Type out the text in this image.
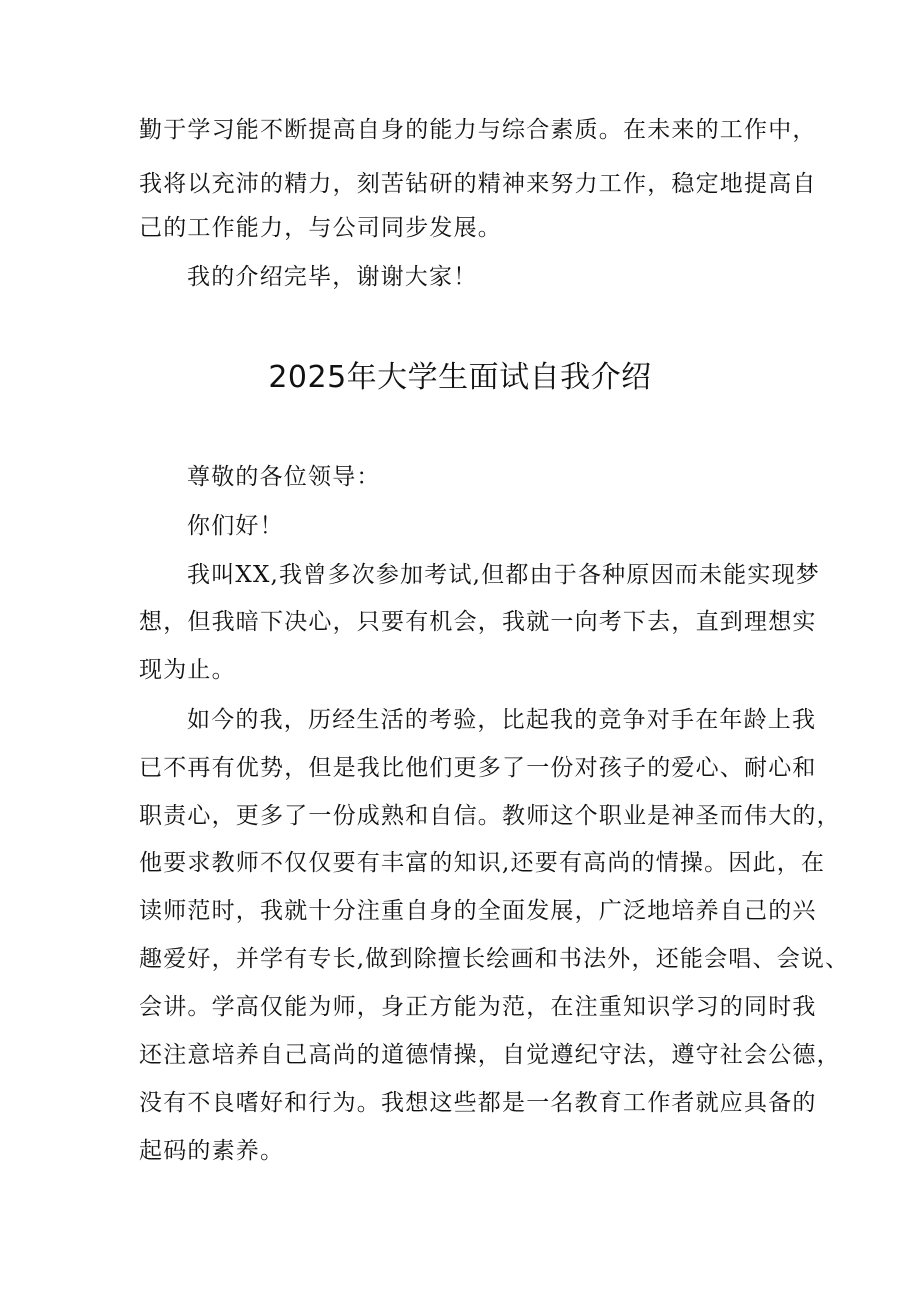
勤于学习能不断提高自身的能力与综合素质。在未来的工作中，
我将以充沛的精力，刻苦钻研的精神来努力工作，稳定地提高自
己的工作能力，与公司同步发展。
我的介绍完毕，谢谢大家！
2025年大学生面试自我介绍
尊敬的各位领导：
你们好！
我叫XX,我曾多次参加考试,但都由于各种原因而未能实现梦
想，但我暗下决心，只要有机会，我就一向考下去，直到理想实
现为止。
如今的我，历经生活的考验，比起我的竞争对手在年龄上我
已不再有优势，但是我比他们更多了一份对孩子的爱心、耐心和
职责心，更多了一份成熟和自信。教师这个职业是神圣而伟大的，
他要求教师不仅仅要有丰富的知识,还要有高尚的情操。因此，在
读师范时，我就十分注重自身的全面发展，广泛地培养自己的兴
趣爱好，并学有专长,做到除擅长绘画和书法外，还能会唱、会说、
会讲。学高仅能为师，身正方能为范，在注重知识学习的同时我
还注意培养自己高尚的道德情操，自觉遵纪守法，遵守社会公德，
没有不良嗜好和行为。我想这些都是一名教育工作者就应具备的
起码的素养。
